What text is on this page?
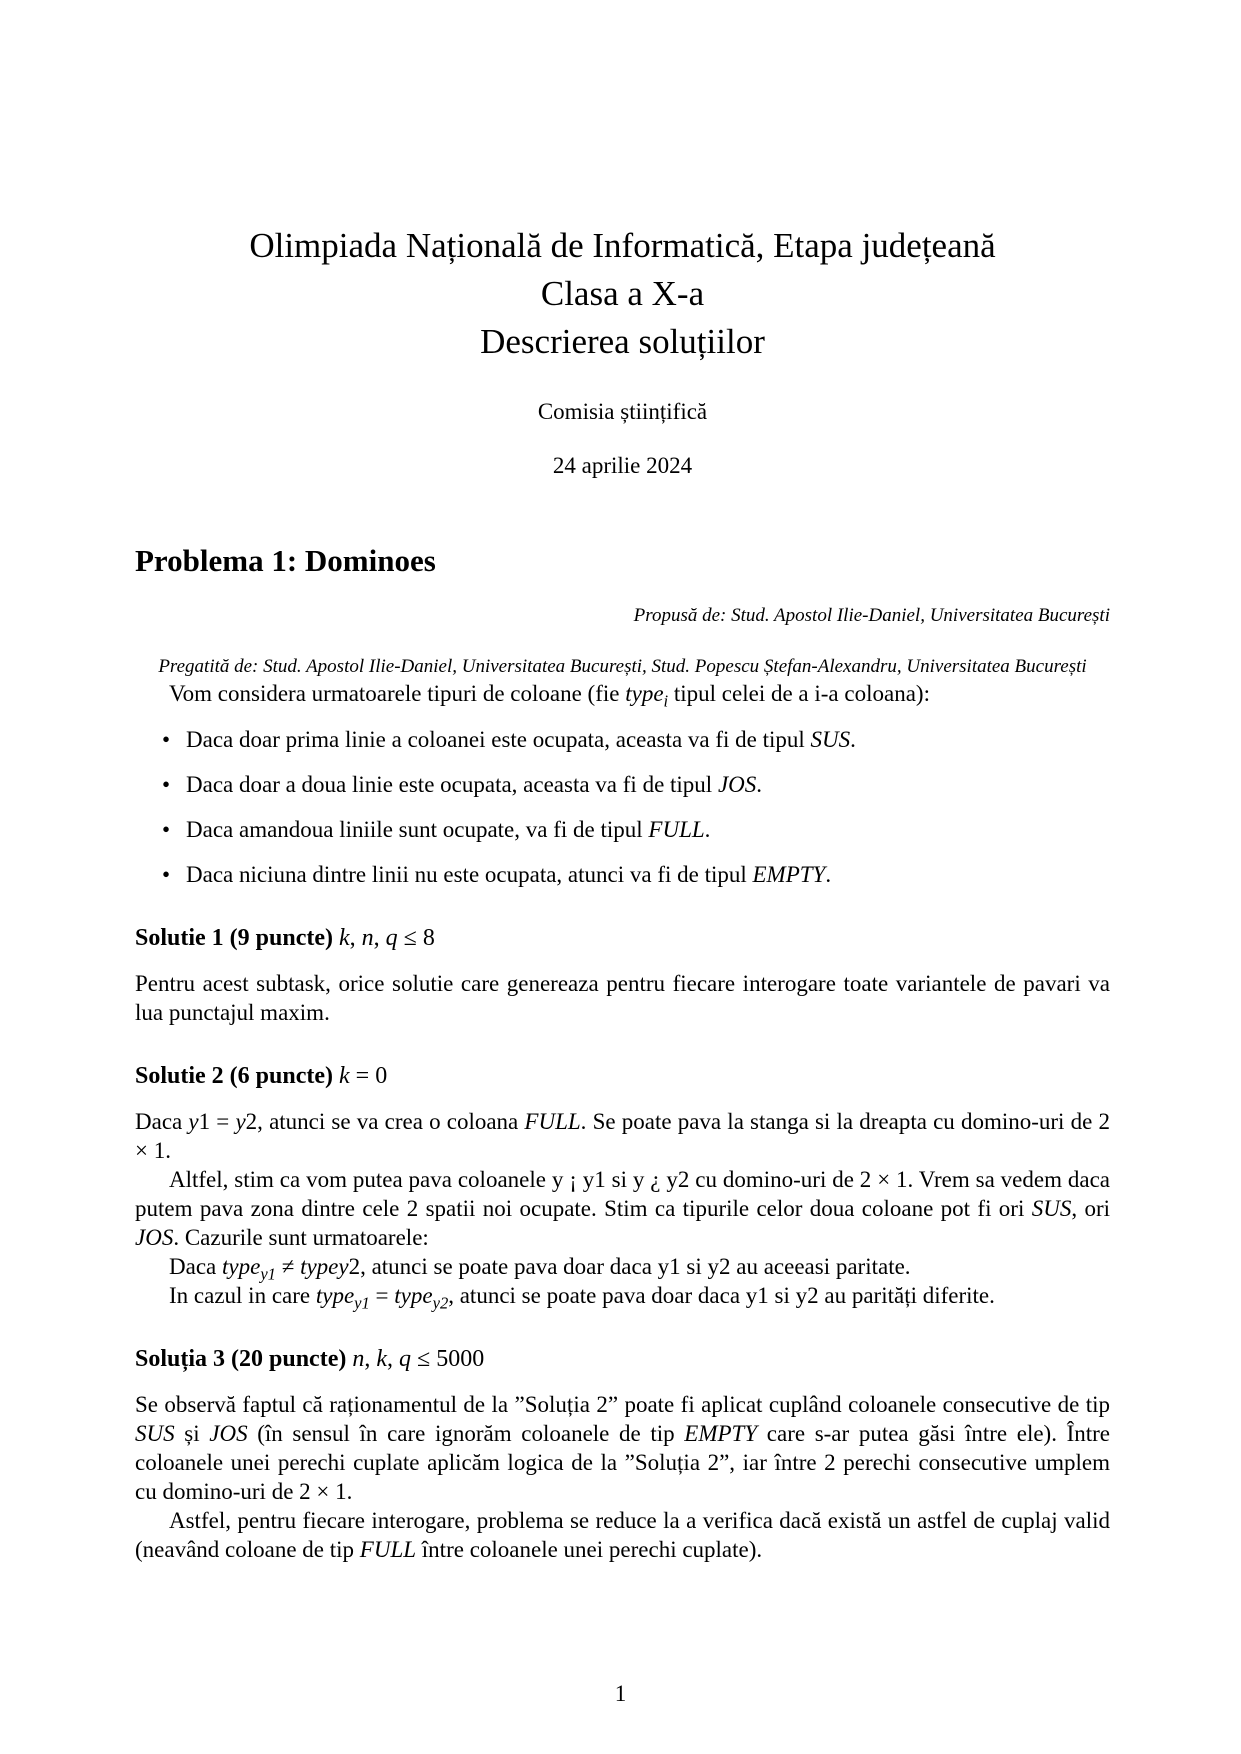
Olimpiada Națională de Informatică, Etapa județeană
Clasa a X-a
Descrierea soluțiilor
Comisia științifică
24 aprilie 2024
Problema 1: Dominoes
Propusă de: Stud. Apostol Ilie-Daniel, Universitatea București
Pregatită de: Stud. Apostol Ilie-Daniel, Universitatea București, Stud. Popescu Ștefan-Alexandru, Universitatea București

Vom considera urmatoarele tipuri de coloane (fie type$_i$ tipul celei de a i-a coloana):

• Daca doar prima linie a coloanei este ocupata, aceasta va fi de tipul SUS.
• Daca doar a doua linie este ocupata, aceasta va fi de tipul JOS.
• Daca amandoua liniile sunt ocupate, va fi de tipul FULL.
• Daca niciuna dintre linii nu este ocupata, atunci va fi de tipul EMPTY.
Solutie 1 (9 puncte) k, n, q ≤ 8

Pentru acest subtask, orice solutie care genereaza pentru fiecare interogare toate variantele de pavari va lua punctajul maxim.

Solutie 2 (6 puncte) k = 0

Daca y1 = y2, atunci se va crea o coloana FULL. Se poate pava la stanga si la dreapta cu domino-uri de 2 × 1.

Altfel, stim ca vom putea pava coloanele y ¡ y1 si y ¿ y2 cu domino-uri de 2 × 1. Vrem sa vedem daca putem pava zona dintre cele 2 spatii noi ocupate. Stim ca tipurile celor doua coloane pot fi ori SUS, ori JOS. Cazurile sunt urmatoarele:

Daca type$_{y1}$ ≠ typey2, atunci se poate pava doar daca y1 si y2 au aceeasi paritate.

In cazul in care type$_{y1}$ = type$_{y2}$, atunci se poate pava doar daca y1 si y2 au parități diferite.

Soluția 3 (20 puncte) n, k, q ≤ 5000

Se observă faptul că raționamentul de la ”Soluția 2” poate fi aplicat cuplând coloanele consecutive de tip SUS și JOS (în sensul în care ignorăm coloanele de tip EMPTY care s-ar putea găsi între ele). Între coloanele unei perechi cuplate aplicăm logica de la ”Soluția 2”, iar între 2 perechi consecutive umplem cu domino-uri de 2 × 1.

Astfel, pentru fiecare interogare, problema se reduce la a verifica dacă există un astfel de cuplaj valid (neavând coloane de tip FULL între coloanele unei perechi cuplate).

1
